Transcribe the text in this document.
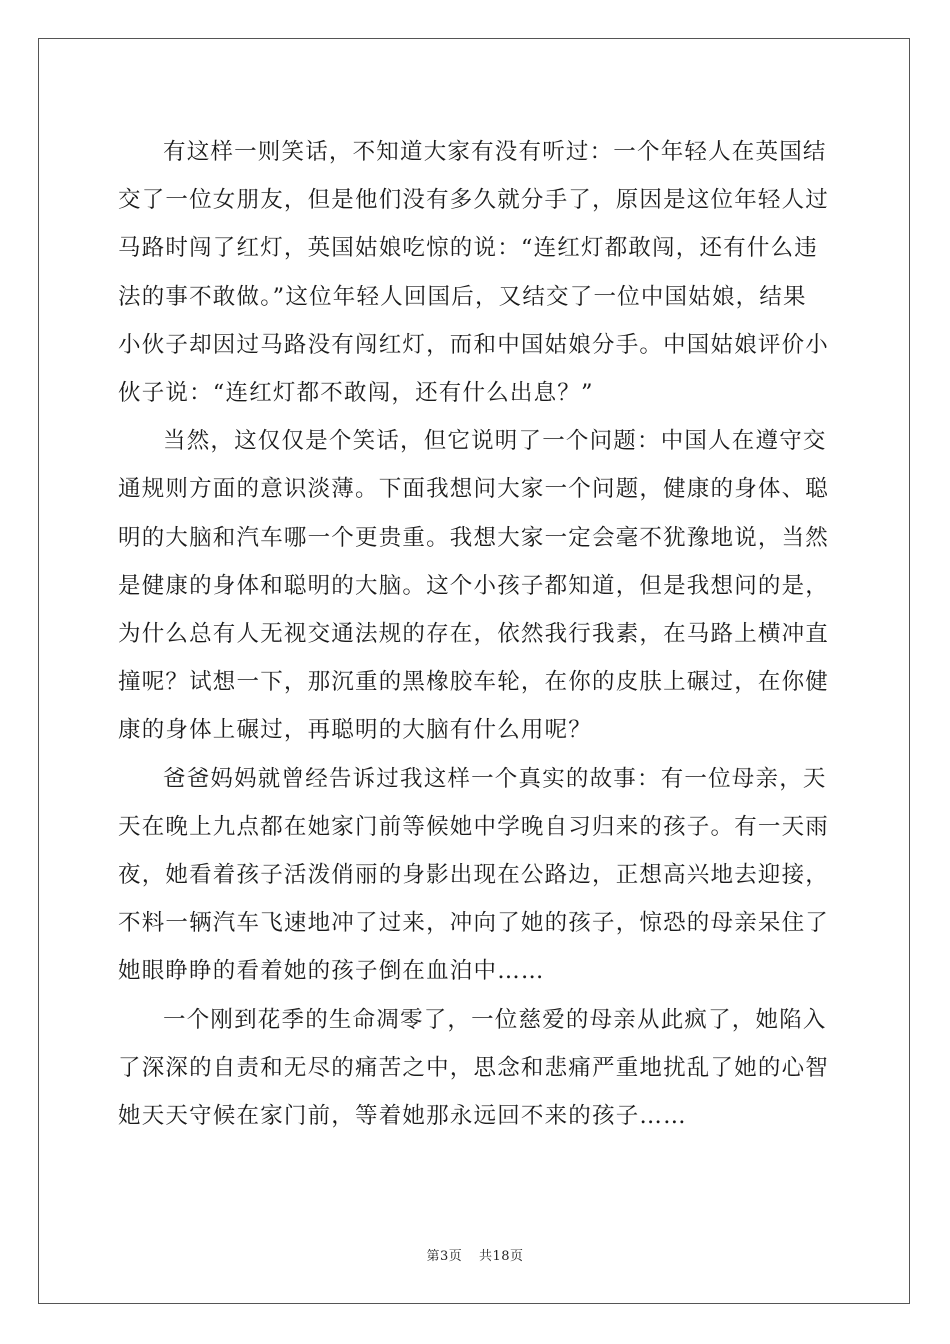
有这样一则笑话，不知道大家有没有听过：一个年轻人在英国结
交了一位女朋友，但是他们没有多久就分手了，原因是这位年轻人过
马路时闯了红灯，英国姑娘吃惊的说：“连红灯都敢闯，还有什么违
法的事不敢做。”这位年轻人回国后，又结交了一位中国姑娘，结果
小伙子却因过马路没有闯红灯，而和中国姑娘分手。中国姑娘评价小
伙子说：“连红灯都不敢闯，还有什么出息？”
当然，这仅仅是个笑话，但它说明了一个问题：中国人在遵守交
通规则方面的意识淡薄。下面我想问大家一个问题，健康的身体、聪
明的大脑和汽车哪一个更贵重。我想大家一定会毫不犹豫地说，当然
是健康的身体和聪明的大脑。这个小孩子都知道，但是我想问的是，
为什么总有人无视交通法规的存在，依然我行我素，在马路上横冲直
撞呢？试想一下，那沉重的黑橡胶车轮，在你的皮肤上碾过，在你健
康的身体上碾过，再聪明的大脑有什么用呢？
爸爸妈妈就曾经告诉过我这样一个真实的故事：有一位母亲，天
天在晚上九点都在她家门前等候她中学晚自习归来的孩子。有一天雨
夜，她看着孩子活泼俏丽的身影出现在公路边，正想高兴地去迎接，
不料一辆汽车飞速地冲了过来，冲向了她的孩子，惊恐的母亲呆住了
她眼睁睁的看着她的孩子倒在血泊中……
一个刚到花季的生命凋零了，一位慈爱的母亲从此疯了，她陷入
了深深的自责和无尽的痛苦之中，思念和悲痛严重地扰乱了她的心智
她天天守候在家门前，等着她那永远回不来的孩子……
第3页 共18页
